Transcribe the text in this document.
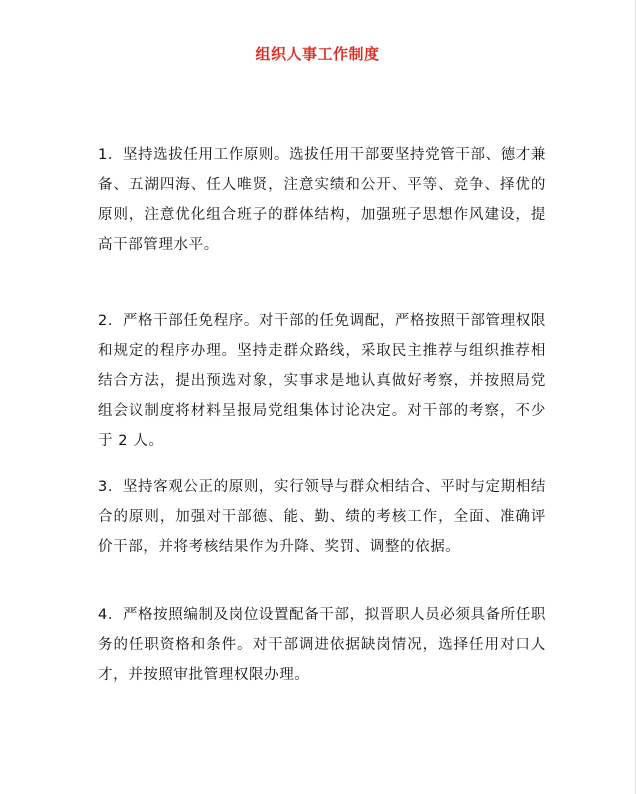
组织人事工作制度

1．坚持选拔任用工作原则。选拔任用干部要坚持党管干部、德才兼备、五湖四海、任人唯贤，注意实绩和公开、平等、竞争、择优的原则，注意优化组合班子的群体结构，加强班子思想作风建设，提高干部管理水平。

2．严格干部任免程序。对干部的任免调配，严格按照干部管理权限和规定的程序办理。坚持走群众路线，采取民主推荐与组织推荐相结合方法，提出预选对象，实事求是地认真做好考察，并按照局党组会议制度将材料呈报局党组集体讨论决定。对干部的考察，不少于 2 人。

3．坚持客观公正的原则，实行领导与群众相结合、平时与定期相结合的原则，加强对干部德、能、勤、绩的考核工作，全面、准确评价干部，并将考核结果作为升降、奖罚、调整的依据。

4．严格按照编制及岗位设置配备干部，拟晋职人员必须具备所任职务的任职资格和条件。对干部调进依据缺岗情况，选择任用对口人才，并按照审批管理权限办理。
